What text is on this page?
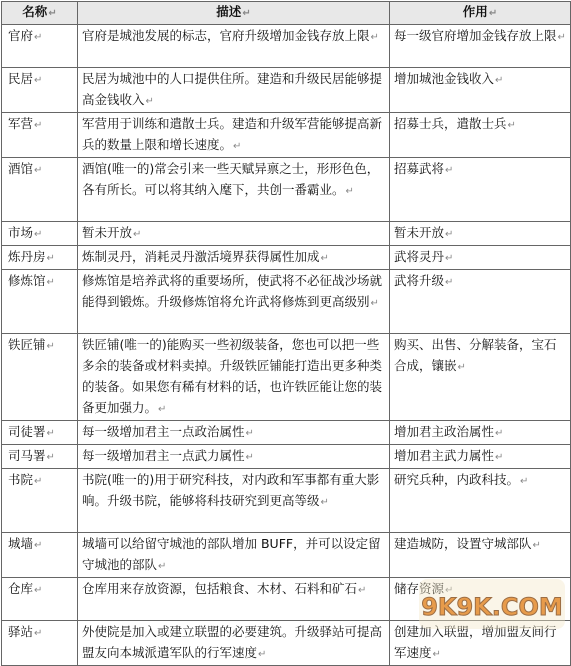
名称↵	描述↵	作用↵
官府↵	官府是城池发展的标志，官府升级增加金钱存放上限↵	每一级官府增加金钱存放上限↵
民居↵	民居为城池中的人口提供住所。建造和升级民居能够提高金钱收入↵	增加城池金钱收入↵
军营↵	军营用于训练和遣散士兵。建造和升级军营能够提高新兵的数量上限和增长速度。↵	招募士兵，遣散士兵↵
酒馆↵	酒馆(唯一的)常会引来一些天赋异禀之士，形形色色，各有所长。可以将其纳入麾下，共创一番霸业。↵	招募武将↵
市场↵	暂未开放↵	暂未开放↵
炼丹房↵	炼制灵丹，消耗灵丹激活境界获得属性加成↵	武将灵丹↵
修炼馆↵	修炼馆是培养武将的重要场所，使武将不必征战沙场就能得到锻炼。升级修炼馆将允许武将修炼到更高级别↵	武将升级↵
铁匠铺↵	铁匠铺(唯一的)能购买一些初级装备，您也可以把一些多余的装备或材料卖掉。升级铁匠铺能打造出更多种类的装备。如果您有稀有材料的话，也许铁匠能让您的装备更加强力。↵	购买、出售、分解装备，宝石合成，镶嵌↵
司徒署↵	每一级增加君主一点政治属性↵	增加君主政治属性↵
司马署↵	每一级增加君主一点武力属性↵	增加君主武力属性↵
书院↵	书院(唯一的)用于研究科技，对内政和军事都有重大影响。升级书院，能够将科技研究到更高等级↵	研究兵种，内政科技。↵
城墙↵	城墙可以给留守城池的部队增加 BUFF，并可以设定留守城池的部队↵	建造城防，设置守城部队↵
仓库↵	仓库用来存放资源，包括粮食、木材、石料和矿石↵	储存资源↵
驿站↵	外使院是加入或建立联盟的必要建筑。升级驿站可提高盟友向本城派遣军队的行军速度↵	创建加入联盟，增加盟友间行军速度↵
9K9K.COM
